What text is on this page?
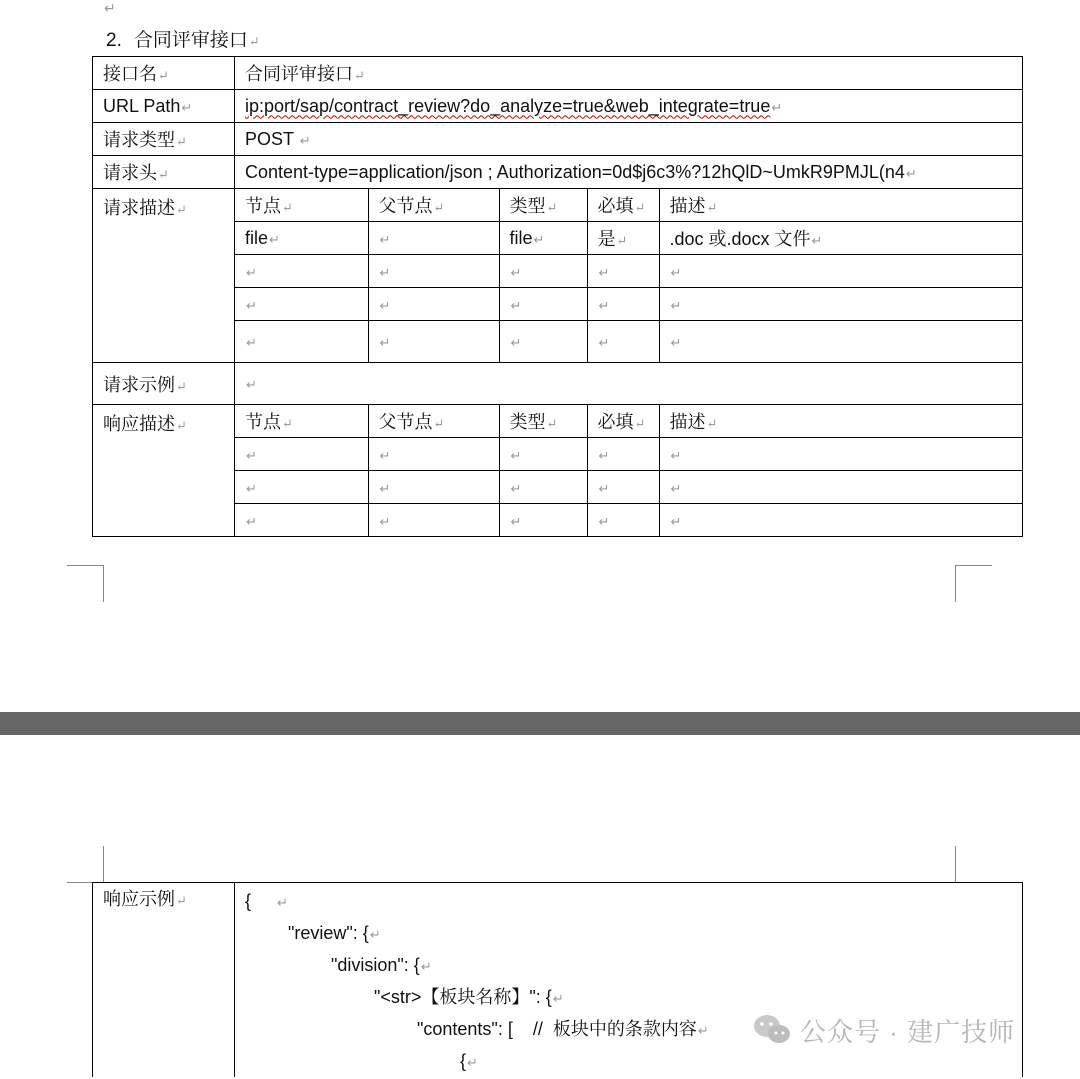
↵
2. 合同评审接口↵
接口名↵	合同评审接口↵
URL Path↵	ip:port/sap/contract_review?do_analyze=true&web_integrate=true↵
请求类型↵	POST ↵
请求头↵	Content-type=application/json ; Authorization=0d$j6c3%?12hQlD~UmkR9PMJL(n4↵
请求描述↵		节点↵	父节点↵	类型↵	必填↵	描述↵
file↵	↵	file↵	是↵	.doc 或.docx 文件↵
↵	↵	↵	↵	↵
↵	↵	↵	↵	↵
↵	↵	↵	↵	↵

请求示例↵	↵
响应描述↵		节点↵	父节点↵	类型↵	必填↵	描述↵
↵	↵	↵	↵	↵
↵	↵	↵	↵	↵
↵	↵	↵	↵	↵
响应示例↵	{     ↵
"review": {↵
"division": {↵
"<str>【板块名称】": {↵
"contents": [    //  板块中的条款内容↵
{↵
公众号 · 建广技师
